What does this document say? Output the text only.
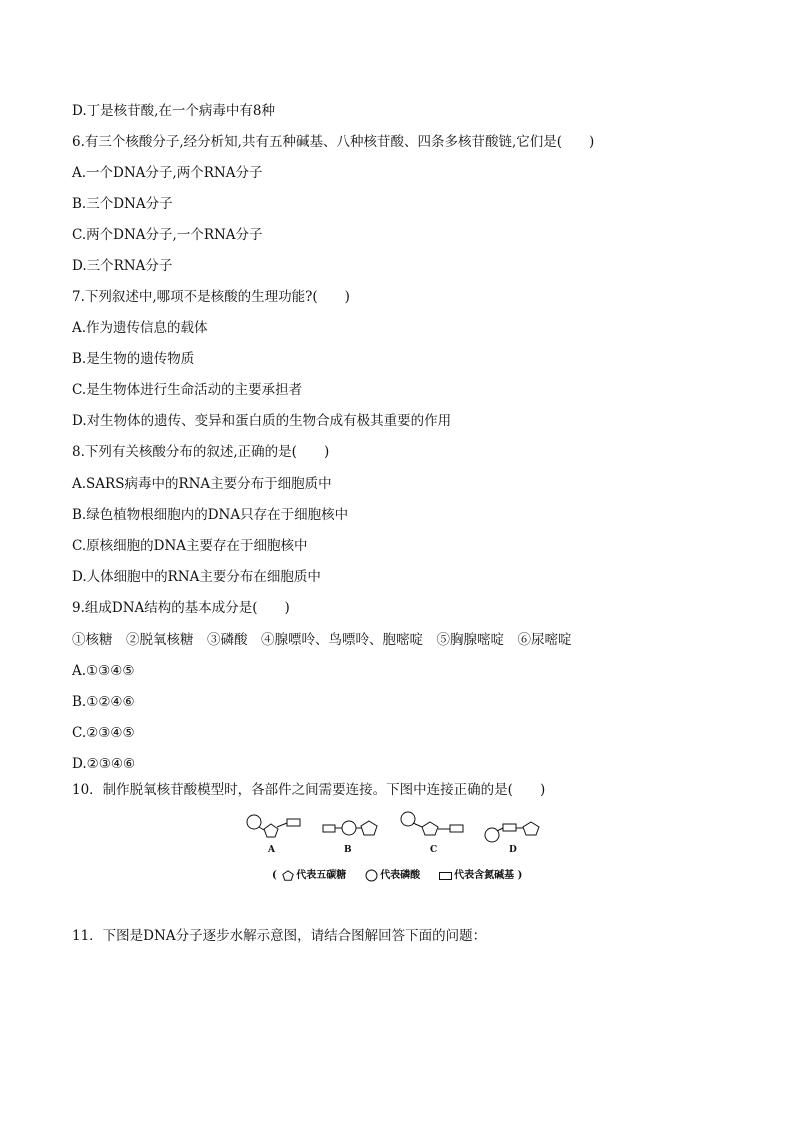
D.丁是核苷酸,在一个病毒中有8种
6.有三个核酸分子,经分析知,共有五种碱基、八种核苷酸、四条多核苷酸链,它们是(　　)
A.一个DNA分子,两个RNA分子
B.三个DNA分子
C.两个DNA分子,一个RNA分子
D.三个RNA分子
7.下列叙述中,哪项不是核酸的生理功能?(　　)
A.作为遗传信息的载体
B.是生物的遗传物质
C.是生物体进行生命活动的主要承担者
D.对生物体的遗传、变异和蛋白质的生物合成有极其重要的作用
8.下列有关核酸分布的叙述,正确的是(　　)
A.SARS病毒中的RNA主要分布于细胞质中
B.绿色植物根细胞内的DNA只存在于细胞核中
C.原核细胞的DNA主要存在于细胞核中
D.人体细胞中的RNA主要分布在细胞质中
9.组成DNA结构的基本成分是(　　)
①核糖　②脱氧核糖　③磷酸　④腺嘌呤、鸟嘌呤、胞嘧啶　⑤胸腺嘧啶　⑥尿嘧啶
A.①③④⑤
B.①②④⑥
C.②③④⑤
D.②③④⑥
10．制作脱氧核苷酸模型时，各部件之间需要连接。下图中连接正确的是(　　)
A	B	C	D
( 代表五碳糖	代表磷酸	代表含氮碱基 )
11．下图是DNA分子逐步水解示意图，请结合图解回答下面的问题：
